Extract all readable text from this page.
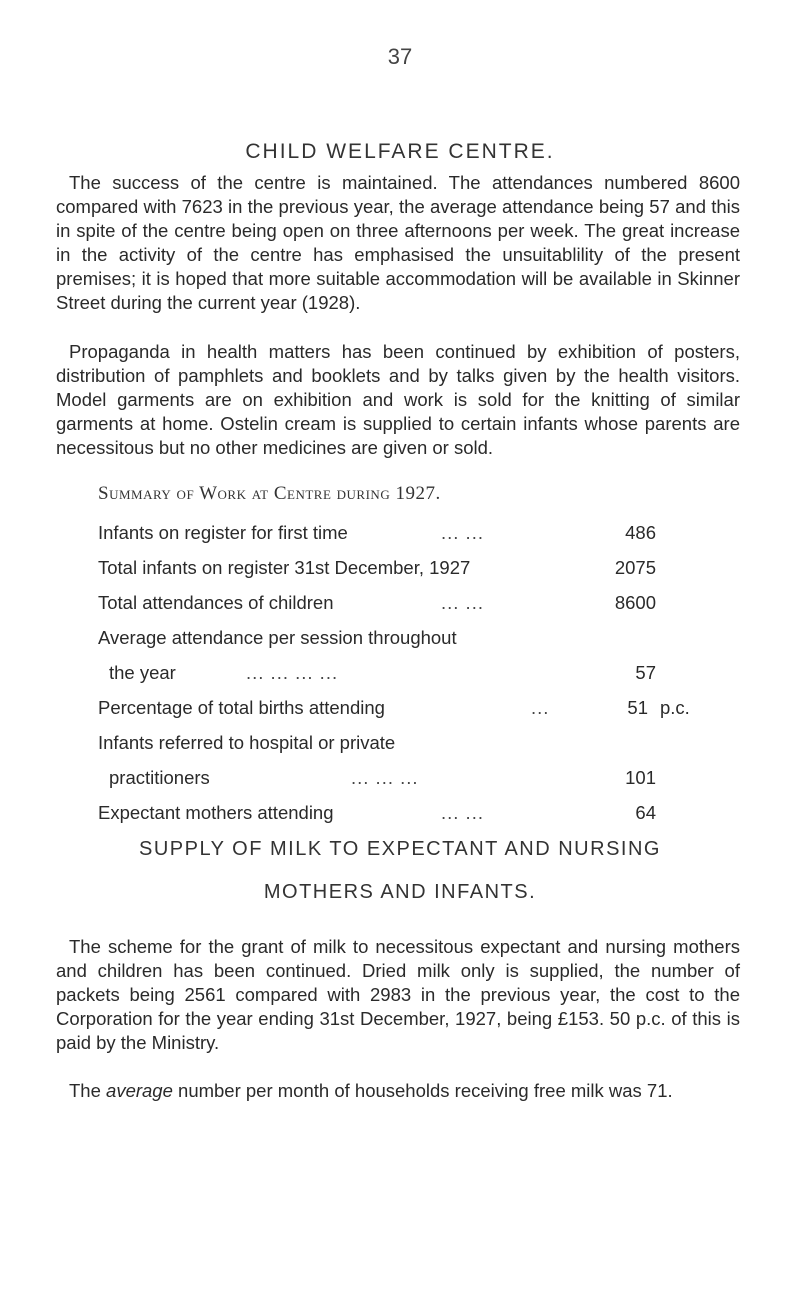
37
CHILD WELFARE CENTRE.

The success of the centre is maintained. The attendances numbered 8600 compared with 7623 in the previous year, the average attendance being 57 and this in spite of the centre being open on three afternoons per week. The great increase in the activity of the centre has emphasised the unsuitablility of the present premises; it is hoped that more suitable accommodation will be available in Skinner Street during the current year (1928).

Propaganda in health matters has been continued by exhibition of posters, distribution of pamphlets and booklets and by talks given by the health visitors. Model garments are on exhibition and work is sold for the knitting of similar garments at home. Ostelin cream is supplied to certain infants whose parents are necessitous but no other medicines are given or sold.

Summary of Work at Centre during 1927.
Infants on register for first time	... ...	486
Total infants on register 31st December, 1927	2075
Total attendances of children	... ...	8600
Average attendance per session throughout
the year	... ... ... ...	57
Percentage of total births attending	...	51 p.c.
Infants referred to hospital or private
practitioners	... ... ...	101
Expectant mothers attending	... ...	64
SUPPLY OF MILK TO EXPECTANT AND NURSING
MOTHERS AND INFANTS.

The scheme for the grant of milk to necessitous expectant and nursing mothers and children has been continued. Dried milk only is supplied, the number of packets being 2561 compared with 2983 in the previous year, the cost to the Corporation for the year ending 31st December, 1927, being £153. 50 p.c. of this is paid by the Ministry.

The average number per month of households receiving free milk was 71.
